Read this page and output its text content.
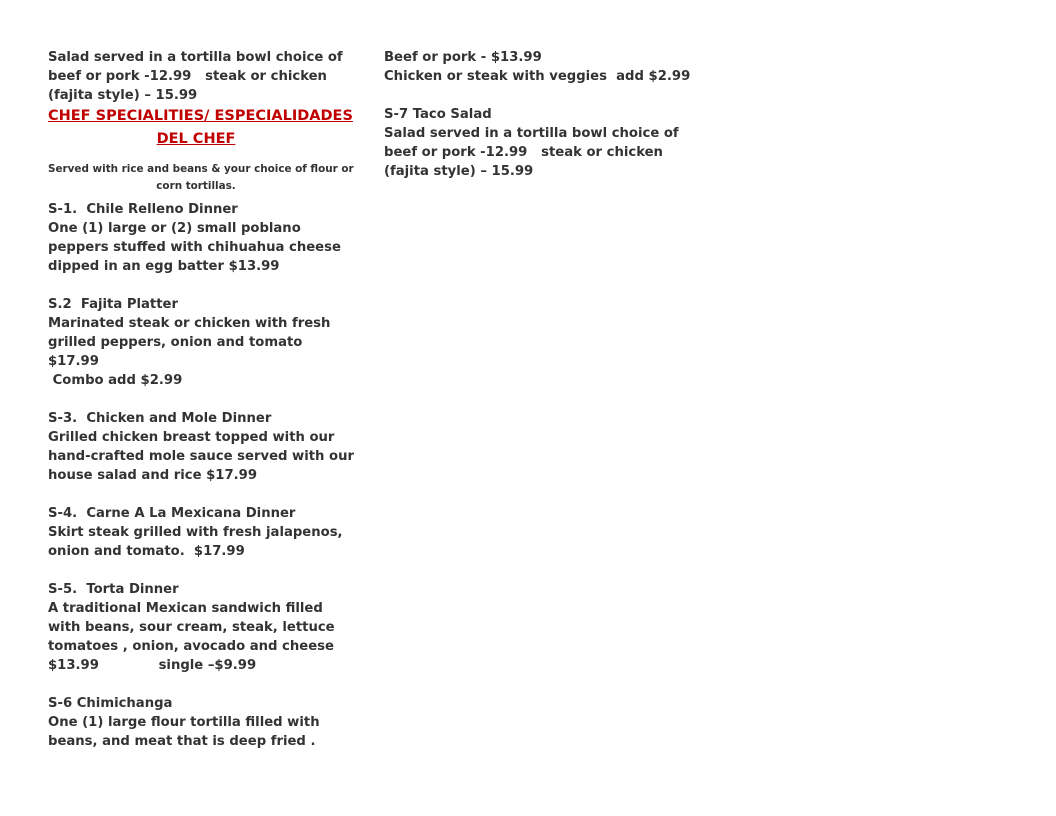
Salad served in a tortilla bowl choice of
beef or pork -12.99   steak or chicken
(fajita style) – 15.99
CHEF SPECIALITIES/ ESPECIALIDADES
DEL CHEF
Served with rice and beans & your choice of flour or
corn tortillas.
S-1.  Chile Relleno Dinner
One (1) large or (2) small poblano
peppers stuffed with chihuahua cheese
dipped in an egg batter $13.99
S.2  Fajita Platter
Marinated steak or chicken with fresh
grilled peppers, onion and tomato
$17.99
Combo add $2.99
S-3.  Chicken and Mole Dinner
Grilled chicken breast topped with our
hand-crafted mole sauce served with our
house salad and rice $17.99
S-4.  Carne A La Mexicana Dinner
Skirt steak grilled with fresh jalapenos,
onion and tomato.  $17.99
S-5.  Torta Dinner
A traditional Mexican sandwich filled
with beans, sour cream, steak, lettuce
tomatoes , onion, avocado and cheese
$13.99             single –$9.99
S-6 Chimichanga
One (1) large flour tortilla filled with
beans, and meat that is deep fried .
Beef or pork - $13.99
Chicken or steak with veggies  add $2.99
S-7 Taco Salad
Salad served in a tortilla bowl choice of
beef or pork -12.99   steak or chicken
(fajita style) – 15.99
